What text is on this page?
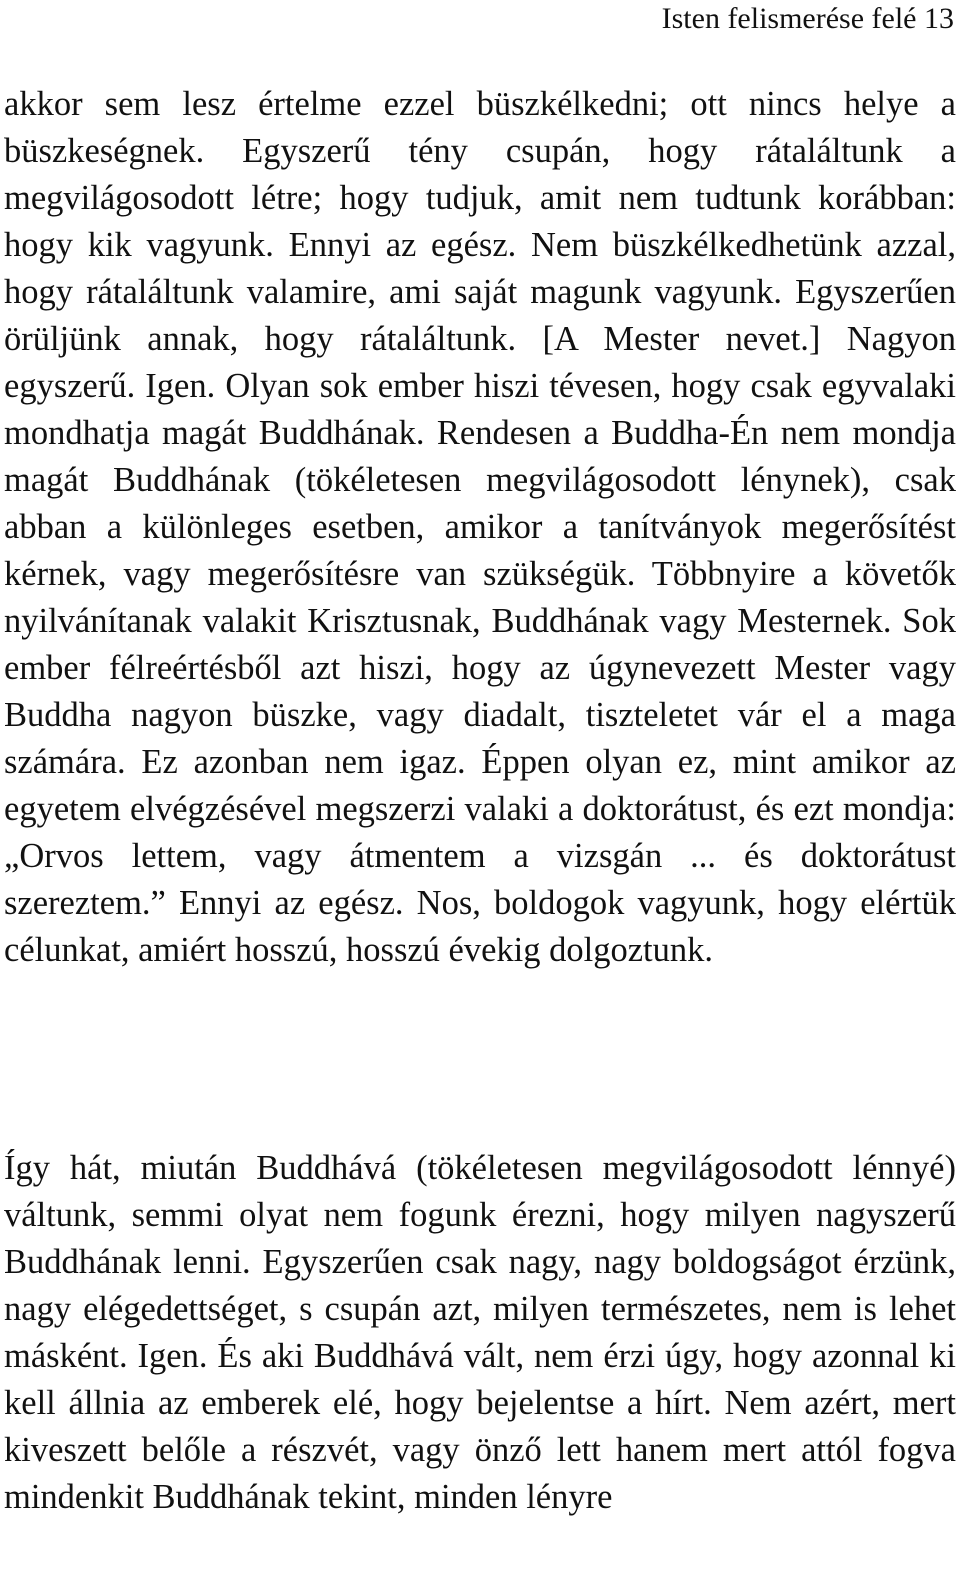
Isten felismerése felé 13

akkor sem lesz értelme ezzel büszkélkedni; ott nincs helye a büszkeségnek. Egyszerű tény csupán, hogy rátaláltunk a megvilágosodott létre; hogy tudjuk, amit nem tudtunk korábban: hogy kik vagyunk. Ennyi az egész. Nem büszkélkedhetünk azzal, hogy rátaláltunk valamire, ami saját magunk vagyunk. Egyszerűen örüljünk annak, hogy rátaláltunk. [A Mester nevet.] Nagyon egyszerű. Igen. Olyan sok ember hiszi tévesen, hogy csak egyvalaki mondhatja magát Buddhának. Rendesen a Buddha-Én nem mondja magát Buddhának (tökéletesen megvilágosodott lénynek), csak abban a különleges esetben, amikor a tanítványok megerősítést kérnek, vagy megerősítésre van szükségük. Többnyire a követők nyilvánítanak valakit Krisztusnak, Buddhának vagy Mesternek. Sok ember félreértésből azt hiszi, hogy az úgynevezett Mester vagy Buddha nagyon büszke, vagy diadalt, tiszteletet vár el a maga számára. Ez azonban nem igaz. Éppen olyan ez, mint amikor az egyetem elvégzésével megszerzi valaki a doktorátust, és ezt mondja: „Orvos lettem, vagy átmentem a vizsgán ... és doktorátust szereztem.” Ennyi az egész. Nos, boldogok vagyunk, hogy elértük célunkat, amiért hosszú, hosszú évekig dolgoztunk.

Így hát, miután Buddhává (tökéletesen megvilágosodott lénnyé) váltunk, semmi olyat nem fogunk érezni, hogy milyen nagyszerű Buddhának lenni. Egyszerűen csak nagy, nagy boldogságot érzünk, nagy elégedettséget, s csupán azt, milyen természetes, nem is lehet másként. Igen. És aki Buddhává vált, nem érzi úgy, hogy azonnal ki kell állnia az emberek elé, hogy bejelentse a hírt. Nem azért, mert kiveszett belőle a részvét, vagy önző lett hanem mert attól fogva mindenkit Buddhának tekint, minden lényre
